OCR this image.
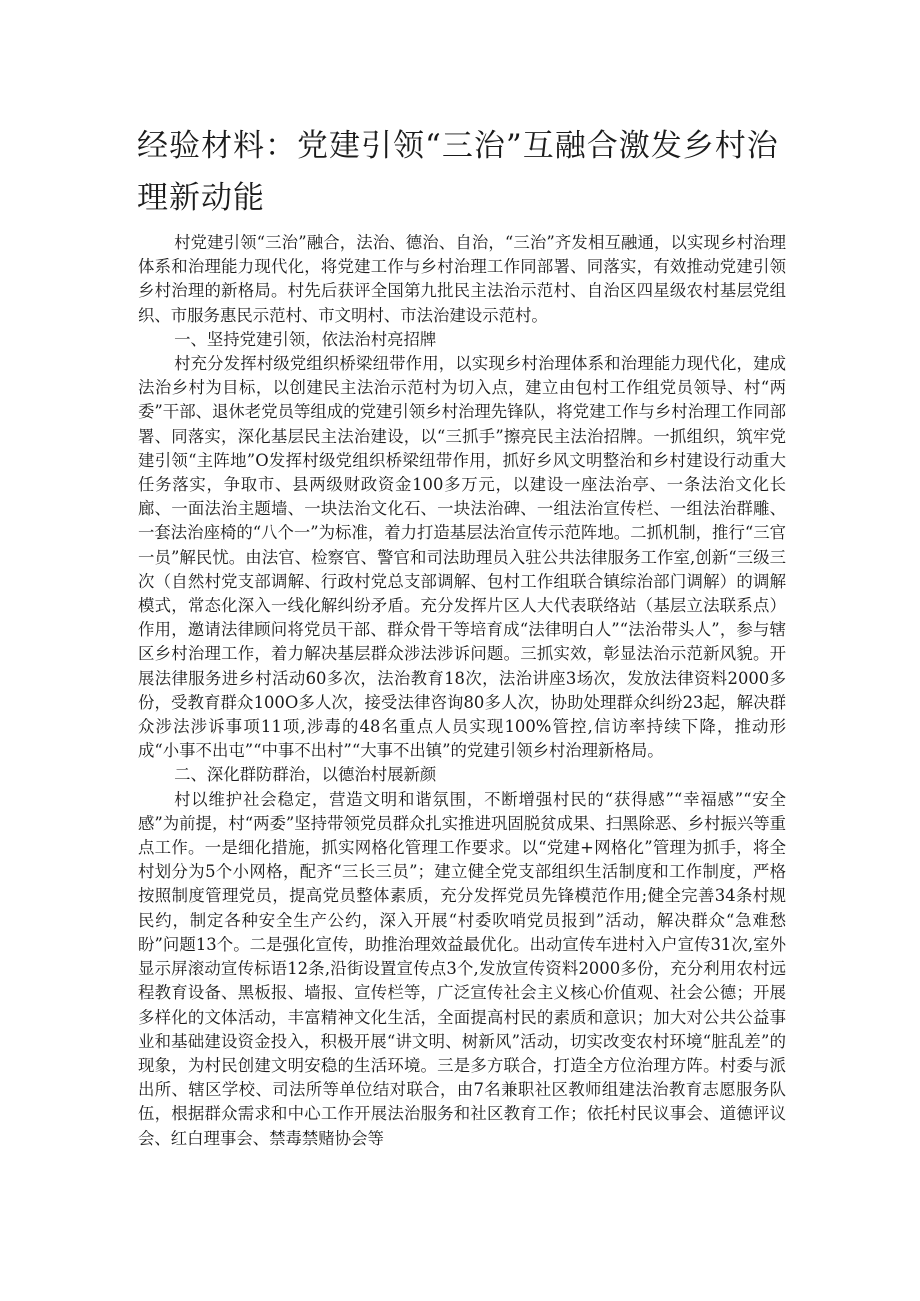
经验材料：党建引领“三治”互融合激发乡村治理新动能

村党建引领“三治”融合，法治、德治、自治，“三治”齐发相互融通，以实现乡村治理体系和治理能力现代化，将党建工作与乡村治理工作同部署、同落实，有效推动党建引领乡村治理的新格局。村先后获评全国第九批民主法治示范村、自治区四星级农村基层党组织、市服务惠民示范村、市文明村、市法治建设示范村。

一、坚持党建引领，依法治村亮招牌

村充分发挥村级党组织桥梁纽带作用，以实现乡村治理体系和治理能力现代化，建成法治乡村为目标，以创建民主法治示范村为切入点，建立由包村工作组党员领导、村“两委”干部、退休老党员等组成的党建引领乡村治理先锋队，将党建工作与乡村治理工作同部署、同落实，深化基层民主法治建设，以“三抓手”擦亮民主法治招牌。一抓组织，筑牢党建引领“主阵地”O发挥村级党组织桥梁纽带作用，抓好乡风文明整治和乡村建设行动重大任务落实，争取市、县两级财政资金100多万元，以建设一座法治亭、一条法治文化长廊、一面法治主题墙、一块法治文化石、一块法治碑、一组法治宣传栏、一组法治群雕、一套法治座椅的“八个一”为标准，着力打造基层法治宣传示范阵地。二抓机制，推行“三官一员”解民忧。由法官、检察官、警官和司法助理员入驻公共法律服务工作室,创新“三级三次（自然村党支部调解、行政村党总支部调解、包村工作组联合镇综治部门调解）的调解模式，常态化深入一线化解纠纷矛盾。充分发挥片区人大代表联络站（基层立法联系点）作用，邀请法律顾问将党员干部、群众骨干等培育成“法律明白人”“法治带头人”，参与辖区乡村治理工作，着力解决基层群众涉法涉诉问题。三抓实效，彰显法治示范新风貌。开展法律服务进乡村活动60多次，法治教育18次，法治讲座3场次，发放法律资料2000多份，受教育群众100O多人次，接受法律咨询80多人次，协助处理群众纠纷23起，解决群众涉法涉诉事项11项,涉毒的48名重点人员实现100%管控,信访率持续下降，推动形成“小事不出屯”“中事不出村”“大事不出镇”的党建引领乡村治理新格局。

二、深化群防群治，以德治村展新颜

村以维护社会稳定，营造文明和谐氛围，不断增强村民的“获得感”“幸福感”“安全感”为前提，村“两委”坚持带领党员群众扎实推进巩固脱贫成果、扫黑除恶、乡村振兴等重点工作。一是细化措施，抓实网格化管理工作要求。以“党建+网格化”管理为抓手，将全村划分为5个小网格，配齐“三长三员”；建立健全党支部组织生活制度和工作制度，严格按照制度管理党员，提高党员整体素质，充分发挥党员先锋模范作用;健全完善34条村规民约，制定各种安全生产公约，深入开展“村委吹哨党员报到”活动，解决群众“急难愁盼”问题13个。二是强化宣传，助推治理效益最优化。出动宣传车进村入户宣传31次,室外显示屏滚动宣传标语12条,沿街设置宣传点3个,发放宣传资料2000多份，充分利用农村远程教育设备、黑板报、墙报、宣传栏等，广泛宣传社会主义核心价值观、社会公德；开展多样化的文体活动，丰富精神文化生活，全面提高村民的素质和意识；加大对公共公益事业和基础建设资金投入，积极开展“讲文明、树新风”活动，切实改变农村环境“脏乱差”的现象，为村民创建文明安稳的生活环境。三是多方联合，打造全方位治理方阵。村委与派出所、辖区学校、司法所等单位结对联合，由7名兼职社区教师组建法治教育志愿服务队伍，根据群众需求和中心工作开展法治服务和社区教育工作；依托村民议事会、道德评议会、红白理事会、禁毒禁赌协会等
